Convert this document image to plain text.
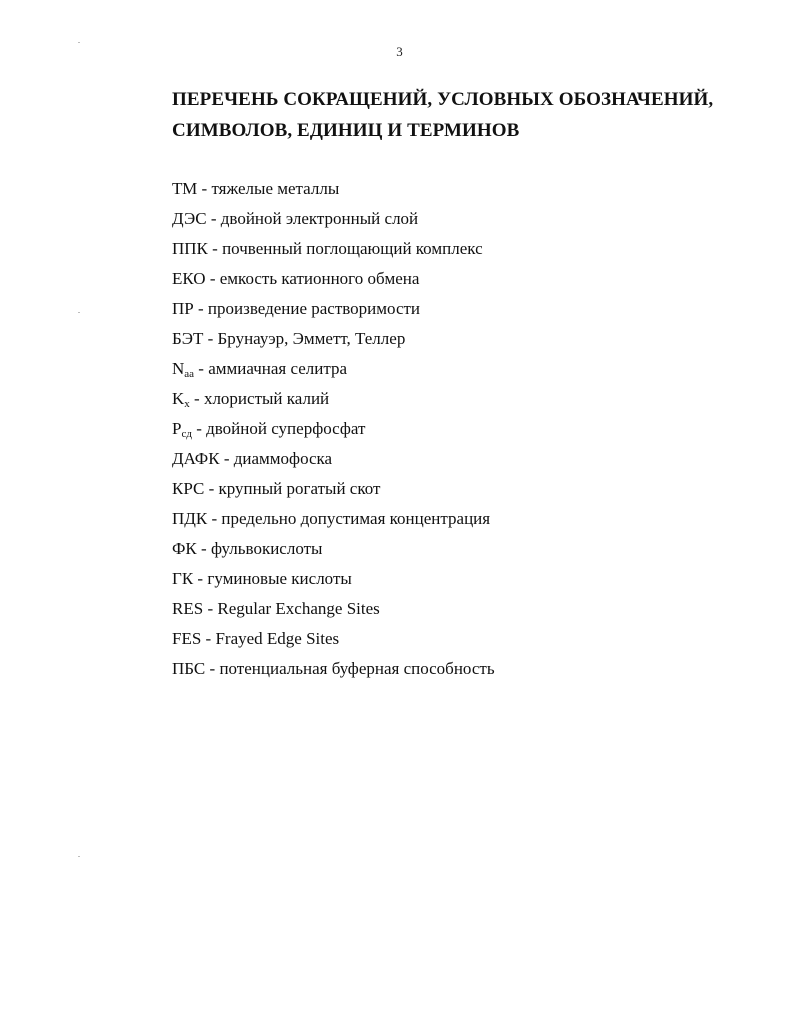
3
ПЕРЕЧЕНЬ СОКРАЩЕНИЙ, УСЛОВНЫХ ОБОЗНАЧЕНИЙ,
СИМВОЛОВ, ЕДИНИЦ И ТЕРМИНОВ
ТМ - тяжелые металлы
ДЭС - двойной электронный слой
ППК - почвенный поглощающий комплекс
ЕКО - емкость катионного обмена
ПР - произведение растворимости
БЭТ - Брунауэр, Эмметт, Теллер
$N_{аа}$ - аммиачная селитра
$K_х$ - хлористый калий
$P_{сд}$ - двойной суперфосфат
ДАФК - диаммофоска
КРС - крупный рогатый скот
ПДК - предельно допустимая концентрация
ФК - фульвокислоты
ГК - гуминовые кислоты
RES - Regular Exchange Sites
FES - Frayed Edge Sites
ПБС - потенциальная буферная способность
